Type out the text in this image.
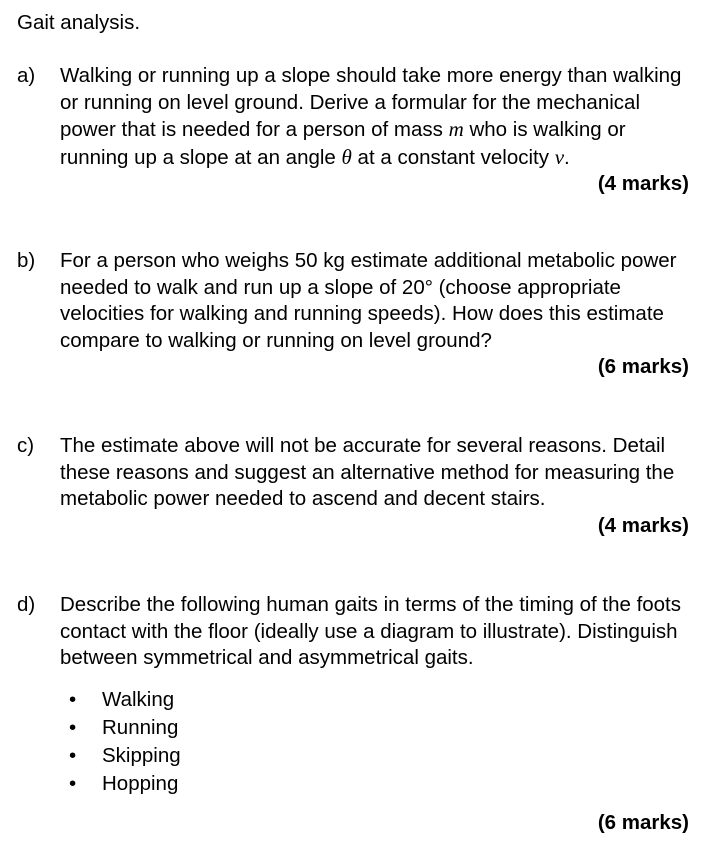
Gait analysis.
a) Walking or running up a slope should take more energy than walking or running on level ground. Derive a formular for the mechanical power that is needed for a person of mass m who is walking or running up a slope at an angle θ at a constant velocity v.
(4 marks)
b) For a person who weighs 50 kg estimate additional metabolic power needed to walk and run up a slope of 20° (choose appropriate velocities for walking and running speeds). How does this estimate compare to walking or running on level ground?
(6 marks)
c) The estimate above will not be accurate for several reasons. Detail these reasons and suggest an alternative method for measuring the metabolic power needed to ascend and decent stairs.
(4 marks)
d) Describe the following human gaits in terms of the timing of the foots contact with the floor (ideally use a diagram to illustrate). Distinguish between symmetrical and asymmetrical gaits.
• Walking
• Running
• Skipping
• Hopping
(6 marks)
